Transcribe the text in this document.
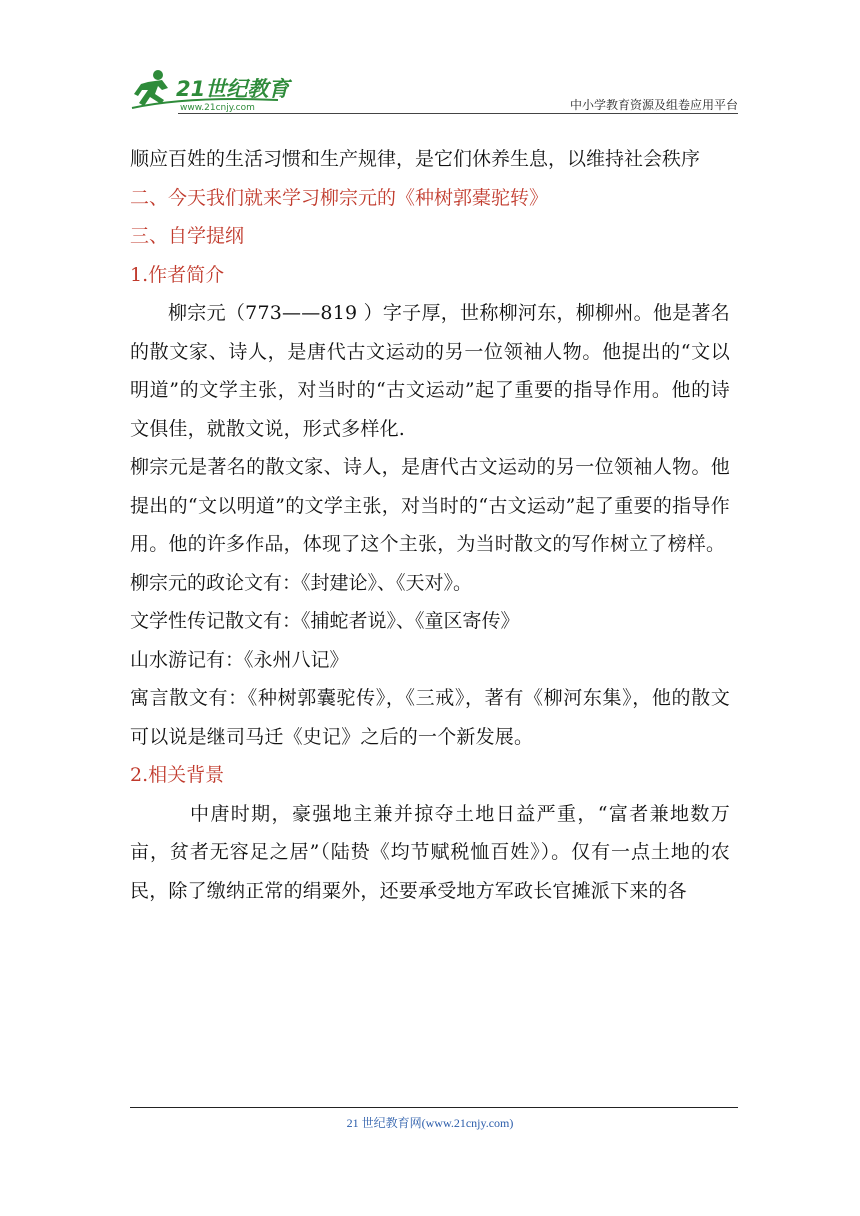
21世纪教育
www.21cnjy.com	中小学教育资源及组卷应用平台
顺应百姓的生活习惯和生产规律，是它们休养生息，以维持社会秩序
二、今天我们就来学习柳宗元的《种树郭橐驼转》
三、自学提纲
1.作者简介
柳宗元（773——819 ）字子厚，世称柳河东，柳柳州。他是著名的散文家、诗人，是唐代古文运动的另一位领袖人物。他提出的“文以明道”的文学主张，对当时的“古文运动”起了重要的指导作用。他的诗文俱佳，就散文说，形式多样化.
柳宗元是著名的散文家、诗人，是唐代古文运动的另一位领袖人物。他提出的“文以明道”的文学主张，对当时的“古文运动”起了重要的指导作用。他的许多作品，体现了这个主张，为当时散文的写作树立了榜样。
柳宗元的政论文有：《封建论》、《天对》。
文学性传记散文有：《捕蛇者说》、《童区寄传》
山水游记有：《永州八记》
寓言散文有：《种树郭囊驼传》，《三戒》，著有《柳河东集》，他的散文可以说是继司马迁《史记》之后的一个新发展。
2.相关背景
中唐时期，豪强地主兼并掠夺土地日益严重，“富者兼地数万亩，贫者无容足之居”（陆贽《均节赋税恤百姓》）。仅有一点土地的农民，除了缴纳正常的绢粟外，还要承受地方军政长官摊派下来的各
21 世纪教育网(www.21cnjy.com)
